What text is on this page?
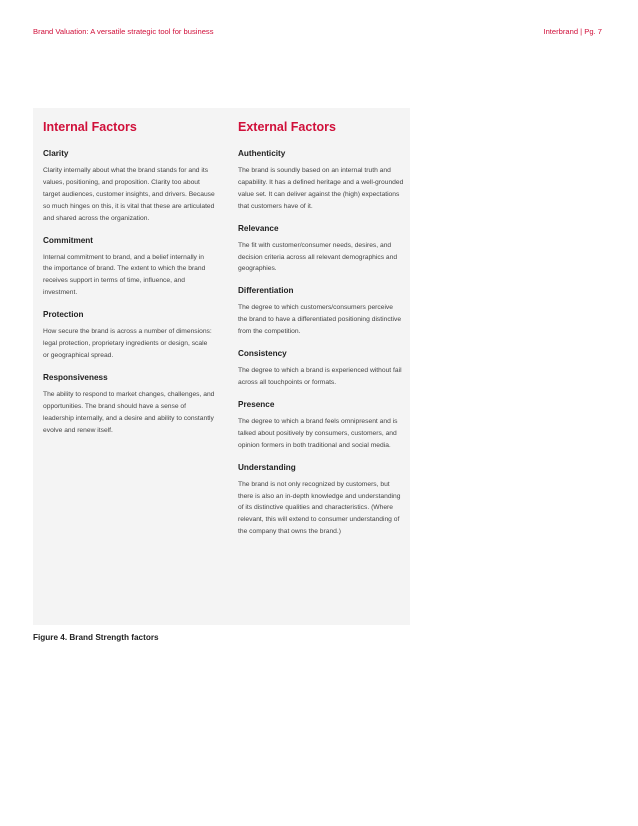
Brand Valuation: A versatile strategic tool for business	Interbrand | Pg. 7
Internal Factors
Clarity

Clarity internally about what the brand stands for and its values, positioning, and proposition. Clarity too about target audiences, customer insights, and drivers. Because so much hinges on this, it is vital that these are articulated and shared across the organization.

Commitment

Internal commitment to brand, and a belief internally in the importance of brand. The extent to which the brand receives support in terms of time, influence, and investment.

Protection

How secure the brand is across a number of dimensions: legal protection, proprietary ingredients or design, scale or geographical spread.

Responsiveness

The ability to respond to market changes, challenges, and opportunities. The brand should have a sense of leadership internally, and a desire and ability to constantly evolve and renew itself.

External Factors
Authenticity

The brand is soundly based on an internal truth and capability. It has a defined heritage and a well-grounded value set. It can deliver against the (high) expectations that customers have of it.

Relevance

The fit with customer/consumer needs, desires, and decision criteria across all relevant demographics and geographies.

Differentiation

The degree to which customers/consumers perceive the brand to have a differentiated positioning distinctive from the competition.

Consistency

The degree to which a brand is experienced without fail across all touchpoints or formats.

Presence

The degree to which a brand feels omnipresent and is talked about positively by consumers, customers, and opinion formers in both traditional and social media.

Understanding

The brand is not only recognized by customers, but there is also an in-depth knowledge and understanding of its distinctive qualities and characteristics. (Where relevant, this will extend to consumer understanding of the company that owns the brand.)

Figure 4. Brand Strength factors
